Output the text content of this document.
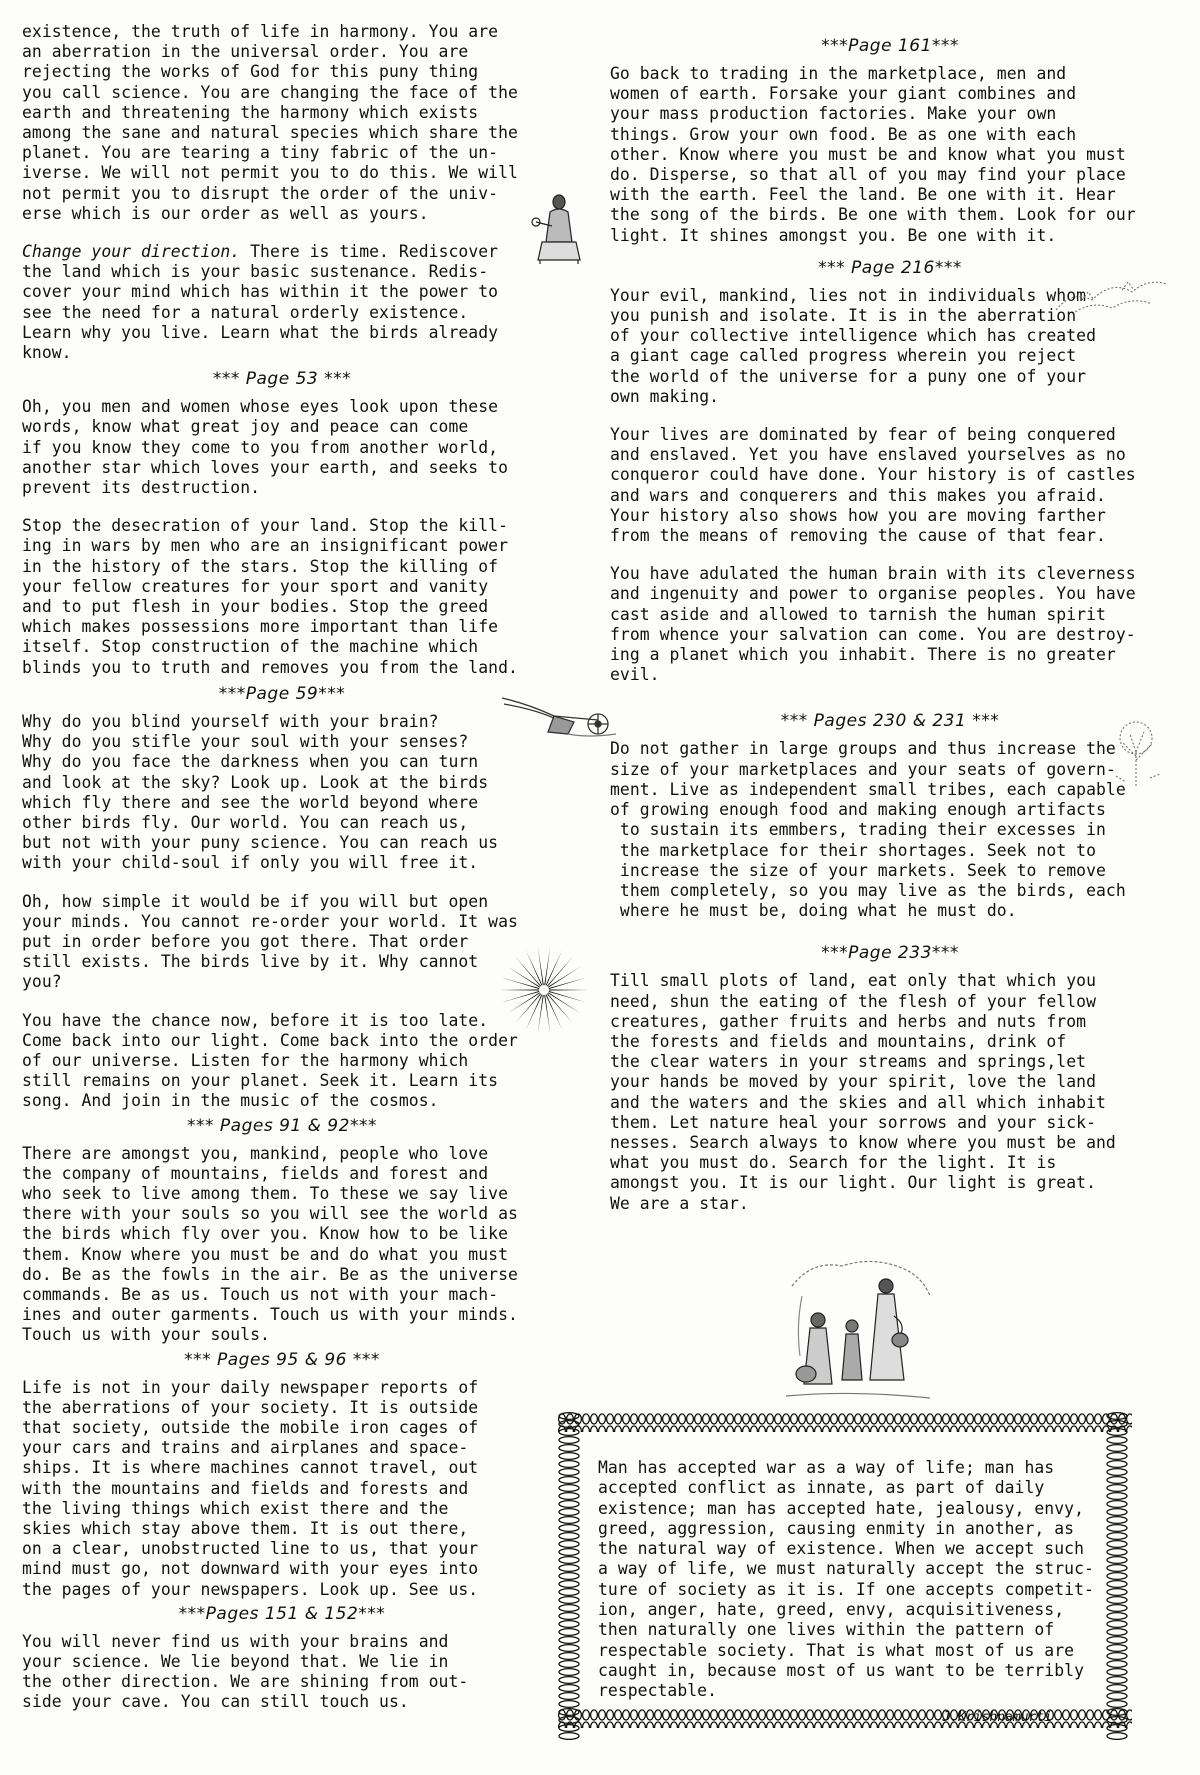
existence, the truth of life in harmony. You are
an aberration in the universal order. You are
rejecting the works of God for this puny thing
you call science. You are changing the face of the
earth and threatening the harmony which exists
among the sane and natural species which share the
planet. You are tearing a tiny fabric of the un-
iverse. We will not permit you to do this. We will
not permit you to disrupt the order of the univ-
erse which is our order as well as yours.

Change your direction. There is time. Rediscover
the land which is your basic sustenance. Redis-
cover your mind which has within it the power to
see the need for a natural orderly existence.
Learn why you live. Learn what the birds already
know.

*** Page 53 ***

Oh, you men and women whose eyes look upon these
words, know what great joy and peace can come
if you know they come to you from another world,
another star which loves your earth, and seeks to
prevent its destruction.

Stop the desecration of your land. Stop the kill-
ing in wars by men who are an insignificant power
in the history of the stars. Stop the killing of
your fellow creatures for your sport and vanity
and to put flesh in your bodies. Stop the greed
which makes possessions more important than life
itself. Stop construction of the machine which
blinds you to truth and removes you from the land.

***Page 59***

Why do you blind yourself with your brain?
Why do you stifle your soul with your senses?
Why do you face the darkness when you can turn
and look at the sky? Look up. Look at the birds
which fly there and see the world beyond where
other birds fly. Our world. You can reach us,
but not with your puny science. You can reach us
with your child-soul if only you will free it.

Oh, how simple it would be if you will but open
your minds. You cannot re-order your world. It was
put in order before you got there. That order
still exists. The birds live by it. Why cannot
you?

You have the chance now, before it is too late.
Come back into our light. Come back into the order
of our universe. Listen for the harmony which
still remains on your planet. Seek it. Learn its
song. And join in the music of the cosmos.

*** Pages 91 & 92***

There are amongst you, mankind, people who love
the company of mountains, fields and forest and
who seek to live among them. To these we say live
there with your souls so you will see the world as
the birds which fly over you. Know how to be like
them. Know where you must be and do what you must
do. Be as the fowls in the air. Be as the universe
commands. Be as us. Touch us not with your mach-
ines and outer garments. Touch us with your minds.
Touch us with your souls.

*** Pages 95 & 96 ***

Life is not in your daily newspaper reports of
the aberrations of your society. It is outside
that society, outside the mobile iron cages of
your cars and trains and airplanes and space-
ships. It is where machines cannot travel, out
with the mountains and fields and forests and
the living things which exist there and the
skies which stay above them. It is out there,
on a clear, unobstructed line to us, that your
mind must go, not downward with your eyes into
the pages of your newspapers. Look up. See us.

***Pages 151 & 152***

You will never find us with your brains and
your science. We lie beyond that. We lie in
the other direction. We are shining from out-
side your cave. You can still touch us.

***Page 161***

Go back to trading in the marketplace, men and
women of earth. Forsake your giant combines and
your mass production factories. Make your own
things. Grow your own food. Be as one with each
other. Know where you must be and know what you must
do. Disperse, so that all of you may find your place
with the earth. Feel the land. Be one with it. Hear
the song of the birds. Be one with them. Look for our
light. It shines amongst you. Be one with it.

*** Page 216***

Your evil, mankind, lies not in individuals whom
you punish and isolate. It is in the aberration
of your collective intelligence which has created
a giant cage called progress wherein you reject
the world of the universe for a puny one of your
own making.

Your lives are dominated by fear of being conquered
and enslaved. Yet you have enslaved yourselves as no
conqueror could have done. Your history is of castles
and wars and conquerers and this makes you afraid.
Your history also shows how you are moving farther
from the means of removing the cause of that fear.

You have adulated the human brain with its cleverness
and ingenuity and power to organise peoples. You have
cast aside and allowed to tarnish the human spirit
from whence your salvation can come. You are destroy-
ing a planet which you inhabit. There is no greater
evil.

*** Pages 230 & 231 ***

Do not gather in large groups and thus increase the
size of your marketplaces and your seats of govern-
ment. Live as independent small tribes, each capable
of growing enough food and making enough artifacts
to sustain its emmbers, trading their excesses in
the marketplace for their shortages. Seek not to
increase the size of your markets. Seek to remove
them completely, so you may live as the birds, each
where he must be, doing what he must do.

***Page 233***

Till small plots of land, eat only that which you
need, shun the eating of the flesh of your fellow
creatures, gather fruits and herbs and nuts from
the forests and fields and mountains, drink of
the clear waters in your streams and springs,let
your hands be moved by your spirit, love the land
and the waters and the skies and all which inhabit
them. Let nature heal your sorrows and your sick-
nesses. Search always to know where you must be and
what you must do. Search for the light. It is
amongst you. It is our light. Our light is great.
We are a star.

Man has accepted war as a way of life; man has
accepted conflict as innate, as part of daily
existence; man has accepted hate, jealousy, envy,
greed, aggression, causing enmity in another, as
the natural way of existence. When we accept such
a way of life, we must naturally accept the struc-
ture of society as it is. If one accepts competit-
ion, anger, hate, greed, envy, acquisitiveness,
then naturally one lives within the pattern of
respectable society. That is what most of us are
caught in, because most of us want to be terribly
respectable.

J.Krishnamurti
